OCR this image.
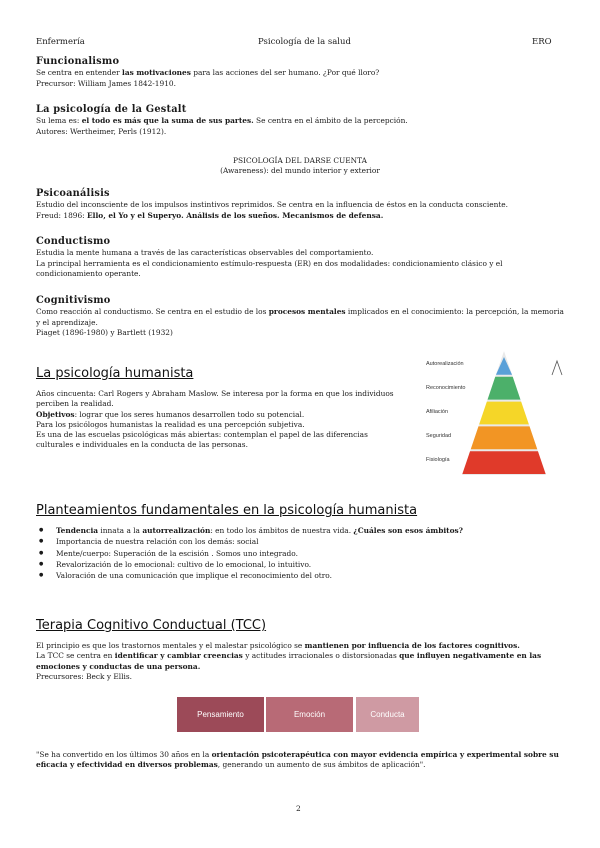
Enfermería	Psicología de la salud	ERO
Funcionalismo

Se centra en entender las motivaciones para las acciones del ser humano. ¿Por qué lloro?

Precursor: William James 1842-1910.

La psicología de la Gestalt

Su lema es: el todo es más que la suma de sus partes. Se centra en el ámbito de la percepción.

Autores: Wertheimer, Perls (1912).

PSICOLOGÍA DEL DARSE CUENTA
(Awareness): del mundo interior y exterior
Psicoanálisis

Estudio del inconsciente de los impulsos instintivos reprimidos. Se centra en la influencia de éstos en la conducta consciente.

Freud: 1896: Ello, el Yo y el Superyo. Análisis de los sueños. Mecanismos de defensa.

Conductismo

Estudia la mente humana a través de las características observables del comportamiento.

La principal herramienta es el condicionamiento estímulo-respuesta (ER) en dos modalidades: condicionamiento clásico y el condicionamiento operante.

Cognitivismo

Como reacción al conductismo. Se centra en el estudio de los procesos mentales implicados en el conocimiento: la percepción, la memoria y el aprendizaje.

Piaget (1896-1980) y Bartlett (1932)

La psicología humanista

Años cincuenta: Carl Rogers y Abraham Maslow. Se interesa por la forma en que los individuos perciben la realidad.

Objetivos: lograr que los seres humanos desarrollen todo su potencial.

Para los psicólogos humanistas la realidad es una percepción subjetiva.

Es una de las escuelas psicológicas más abiertas: contemplan el papel de las diferencias culturales e individuales en la conducta de las personas.

Autorealización
Reconocimiento
Afiliación
Seguridad
Fisiología
Planteamientos fundamentales en la psicología humanista
● Tendencia innata a la autorrealización: en todo los ámbitos de nuestra vida. ¿Cuáles son esos ámbitos?
● Importancia de nuestra relación con los demás: social
● Mente/cuerpo: Superación de la escisión . Somos uno integrado.
● Revalorización de lo emocional: cultivo de lo emocional, lo intuitivo.
● Valoración de una comunicación que implique el reconocimiento del otro.
Terapia Cognitivo Conductual (TCC)

El principio es que los trastornos mentales y el malestar psicológico se mantienen por influencia de los factores cognitivos.

La TCC se centra en identificar y cambiar creencias y actitudes irracionales o distorsionadas que influyen negativamente en las emociones y conductas de una persona.

Precursores: Beck y Ellis.

Pensamiento	Emoción	Conducta

"Se ha convertido en los últimos 30 años en la orientación psicoterapéutica con mayor evidencia empírica y experimental sobre su eficacia y efectividad en diversos problemas, generando un aumento de sus ámbitos de aplicación".

2
